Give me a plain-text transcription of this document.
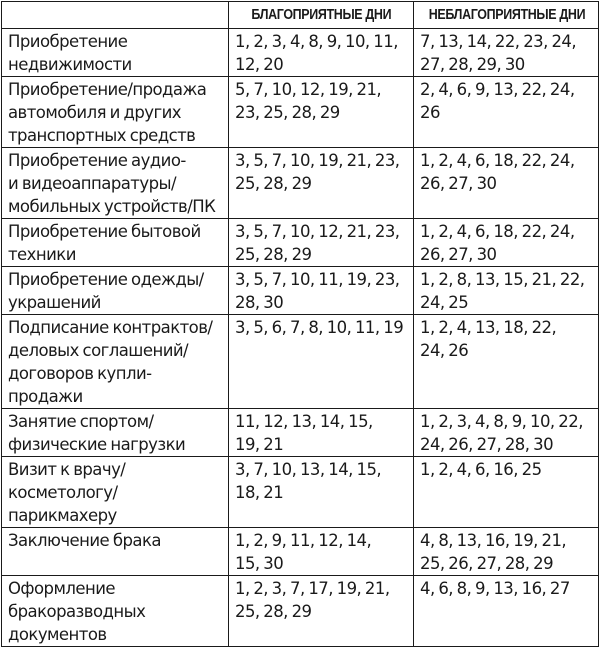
	БЛАГОПРИЯТНЫЕ ДНИ	НЕБЛАГОПРИЯТНЫЕ ДНИ

Приобретение
недвижимости	1, 2, 3, 4, 8, 9, 10, 11,
12, 20	7, 13, 14, 22, 23, 24,
27, 28, 29, 30

Приобретение/продажа
автомобиля и других
транспортных средств	5, 7, 10, 12, 19, 21,
23, 25, 28, 29	2, 4, 6, 9, 13, 22, 24,
26

Приобретение аудио-
и видеоаппаратуры/
мобильных устройств/ПК	3, 5, 7, 10, 19, 21, 23,
25, 28, 29	1, 2, 4, 6, 18, 22, 24,
26, 27, 30

Приобретение бытовой
техники	3, 5, 7, 10, 12, 21, 23,
25, 28, 29	1, 2, 4, 6, 18, 22, 24,
26, 27, 30

Приобретение одежды/
украшений	3, 5, 7, 10, 11, 19, 23,
28, 30	1, 2, 8, 13, 15, 21, 22,
24, 25

Подписание контрактов/
деловых соглашений/
договоров купли-
продажи	3, 5, 6, 7, 8, 10, 11, 19	1, 2, 4, 13, 18, 22,
24, 26

Занятие спортом/
физические нагрузки	11, 12, 13, 14, 15,
19, 21	1, 2, 3, 4, 8, 9, 10, 22,
24, 26, 27, 28, 30

Визит к врачу/
косметологу/
парикмахеру	3, 7, 10, 13, 14, 15,
18, 21	1, 2, 4, 6, 16, 25

Заключение брака	1, 2, 9, 11, 12, 14,
15, 30	4, 8, 13, 16, 19, 21,
25, 26, 27, 28, 29

Оформление
бракоразводных
документов	1, 2, 3, 7, 17, 19, 21,
25, 28, 29	4, 6, 8, 9, 13, 16, 27
